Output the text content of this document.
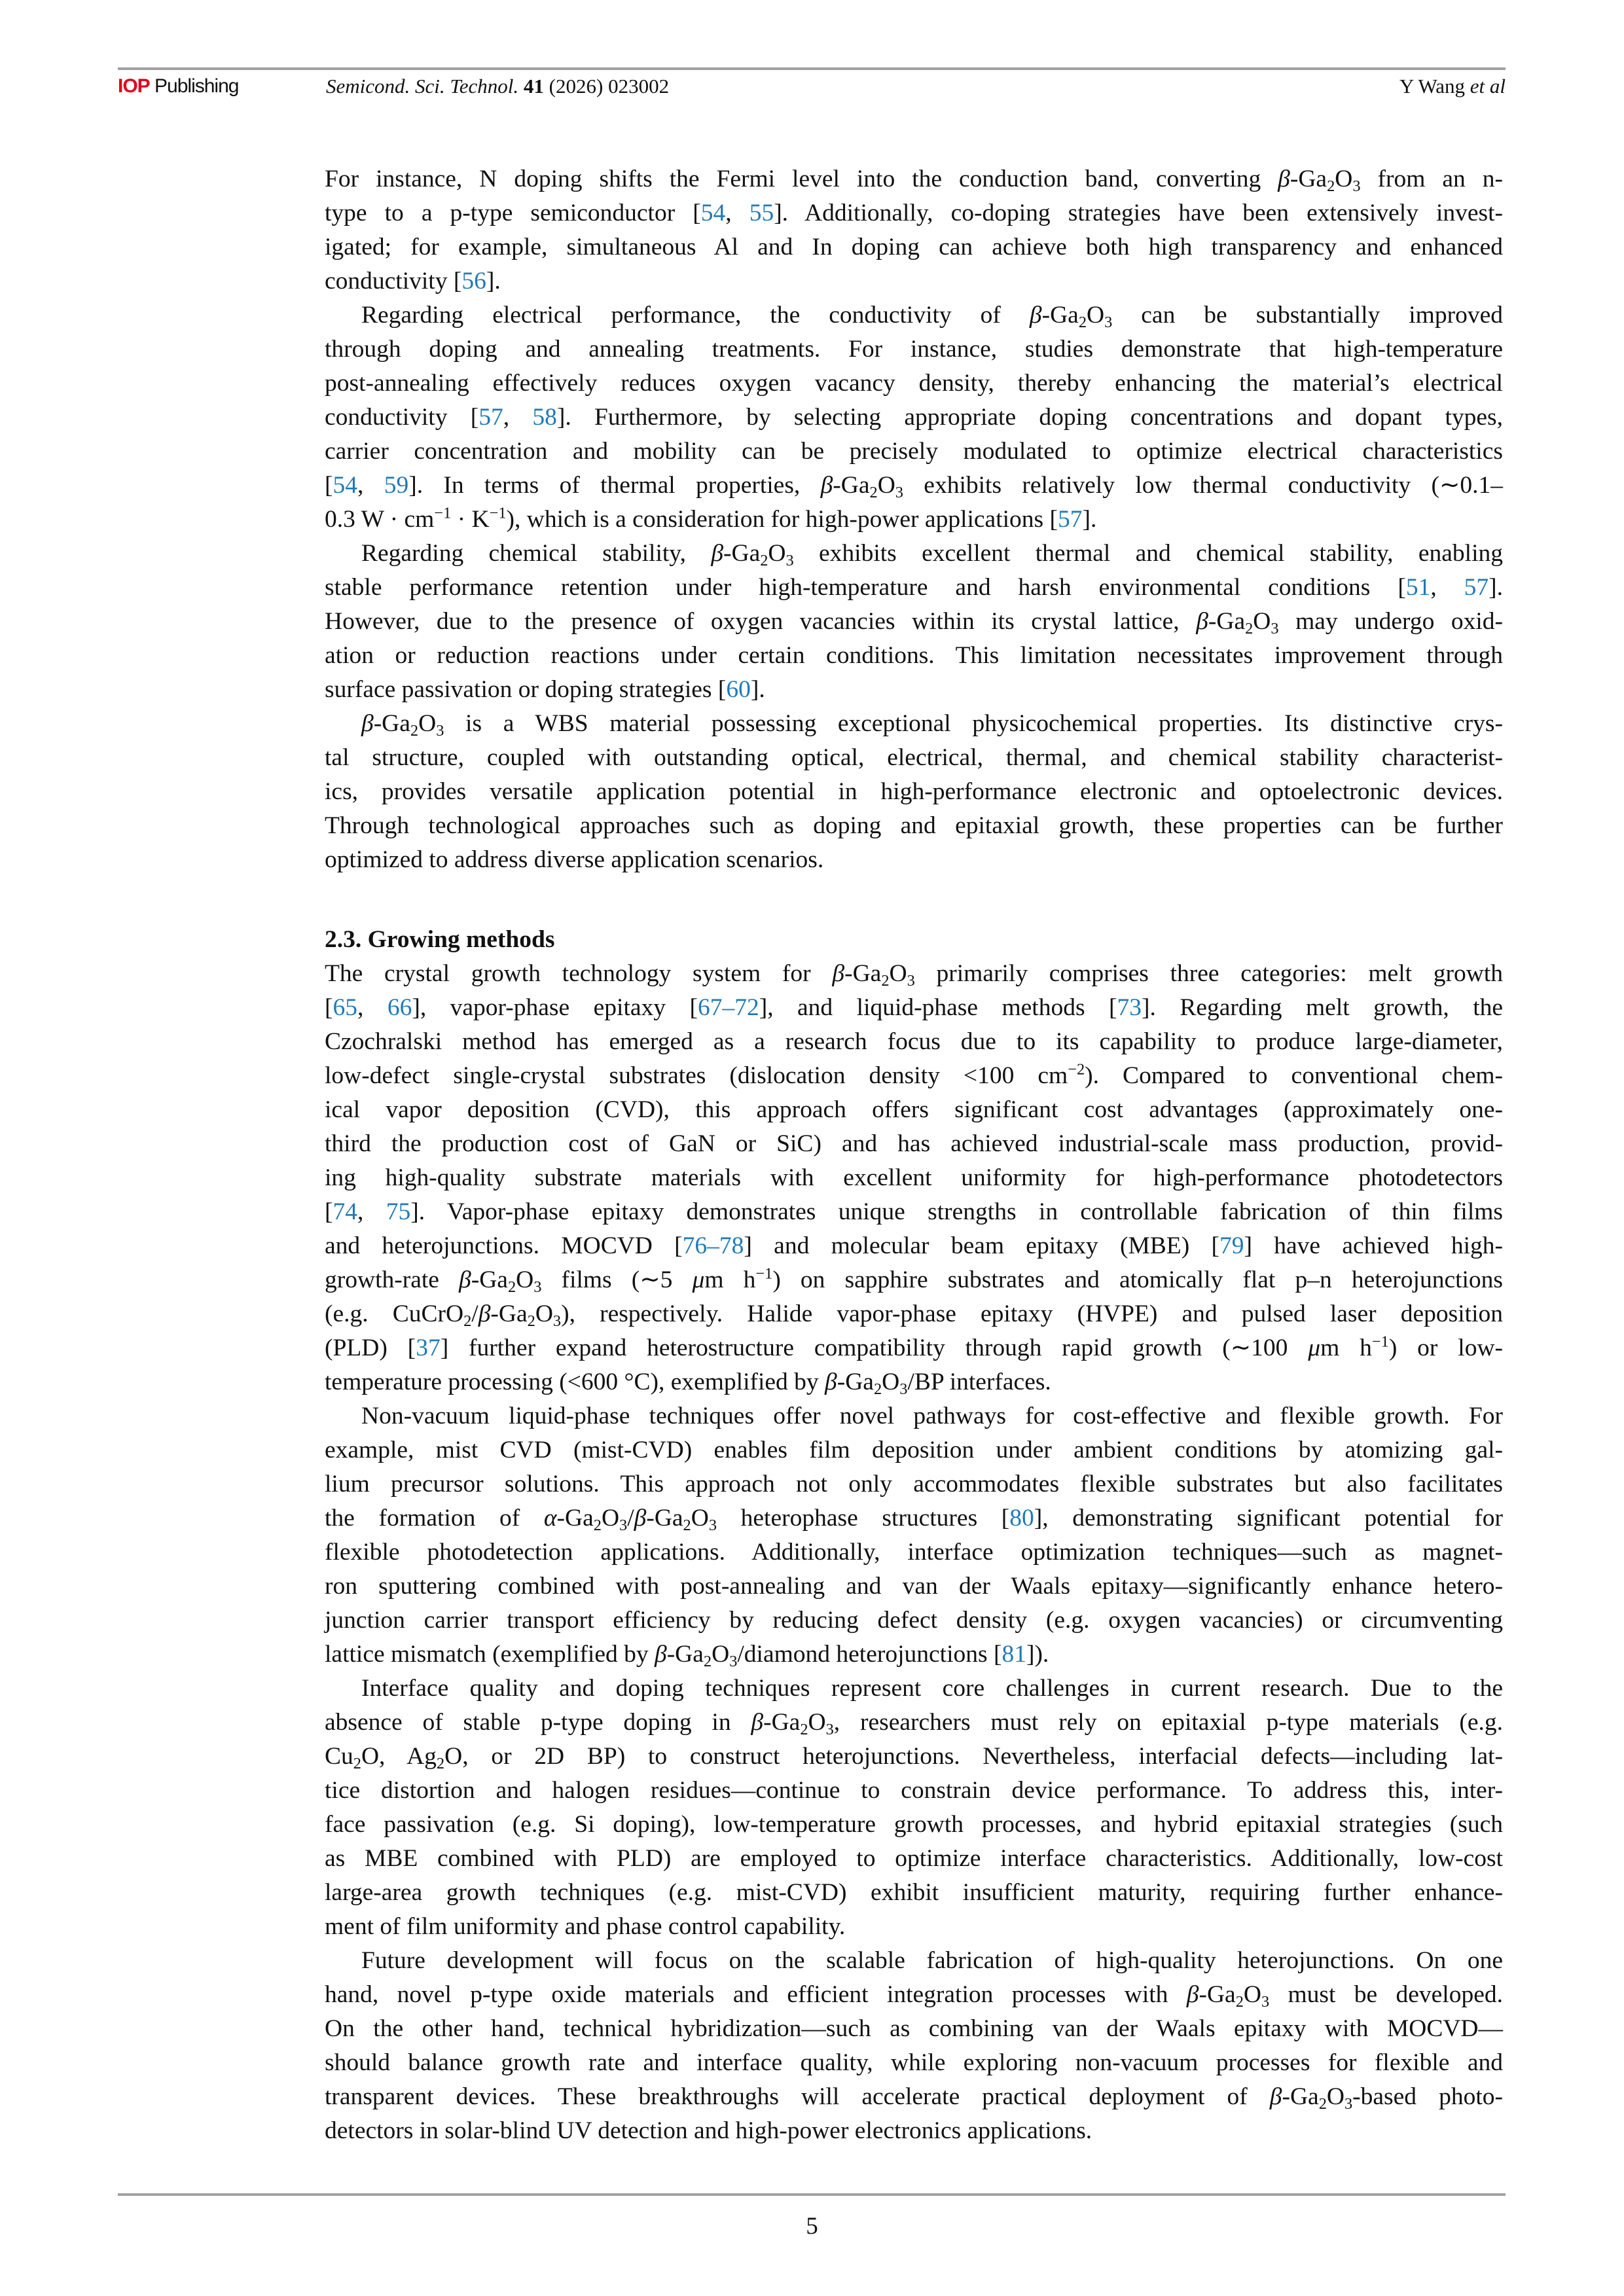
IOP Publishing	Semicond. Sci. Technol. 41 (2026) 023002	Y Wang et al

For instance, N doping shifts the Fermi level into the conduction band, converting $\beta-Ga_2O_3$ from an n-
type to a p-type semiconductor [54, 55]. Additionally, co-doping strategies have been extensively invest-
igated; for example, simultaneous Al and In doping can achieve both high transparency and enhanced
conductivity [56].

Regarding electrical performance, the conductivity of $\beta-Ga_2O_3$ can be substantially improved
through doping and annealing treatments. For instance, studies demonstrate that high-temperature
post-annealing effectively reduces oxygen vacancy density, thereby enhancing the material’s electrical
conductivity [57, 58]. Furthermore, by selecting appropriate doping concentrations and dopant types,
carrier concentration and mobility can be precisely modulated to optimize electrical characteristics
[54, 59]. In terms of thermal properties, $\beta-Ga_2O_3$ exhibits relatively low thermal conductivity (∼0.1–
0.3 $W \cdot cm^{-1} \cdot K^{-1}$), which is a consideration for high-power applications [57].

Regarding chemical stability, $\beta-Ga_2O_3$ exhibits excellent thermal and chemical stability, enabling
stable performance retention under high-temperature and harsh environmental conditions [51, 57].
However, due to the presence of oxygen vacancies within its crystal lattice, $\beta-Ga_2O_3$ may undergo oxid-
ation or reduction reactions under certain conditions. This limitation necessitates improvement through
surface passivation or doping strategies [60].

$\beta-Ga_2O_3$ is a WBS material possessing exceptional physicochemical properties. Its distinctive crys-
tal structure, coupled with outstanding optical, electrical, thermal, and chemical stability characterist-
ics, provides versatile application potential in high-performance electronic and optoelectronic devices.
Through technological approaches such as doping and epitaxial growth, these properties can be further
optimized to address diverse application scenarios.

2.3. Growing methods

The crystal growth technology system for $\beta-Ga_2O_3$ primarily comprises three categories: melt growth
[65, 66], vapor-phase epitaxy [67–72], and liquid-phase methods [73]. Regarding melt growth, the
Czochralski method has emerged as a research focus due to its capability to produce large-diameter,
low-defect single-crystal substrates (dislocation density <100 $cm^{-2}$). Compared to conventional chem-
ical vapor deposition (CVD), this approach offers significant cost advantages (approximately one-
third the production cost of GaN or SiC) and has achieved industrial-scale mass production, provid-
ing high-quality substrate materials with excellent uniformity for high-performance photodetectors
[74, 75]. Vapor-phase epitaxy demonstrates unique strengths in controllable fabrication of thin films
and heterojunctions. MOCVD [76–78] and molecular beam epitaxy (MBE) [79] have achieved high-
growth-rate $\beta-Ga_2O_3$ films (∼5 μm $h^{-1}$) on sapphire substrates and atomically flat p–n heterojunctions
(e.g. $CuCrO_2/\beta-Ga_2O_3$), respectively. Halide vapor-phase epitaxy (HVPE) and pulsed laser deposition
(PLD) [37] further expand heterostructure compatibility through rapid growth (∼100 μm $h^{-1}$) or low-
temperature processing (<600 °C), exemplified by $\beta-Ga_2O_3/BP$ interfaces.

Non-vacuum liquid-phase techniques offer novel pathways for cost-effective and flexible growth. For
example, mist CVD (mist-CVD) enables film deposition under ambient conditions by atomizing gal-
lium precursor solutions. This approach not only accommodates flexible substrates but also facilitates
the formation of $\alpha-Ga_2O_3/\beta-Ga_2O_3$ heterophase structures [80], demonstrating significant potential for
flexible photodetection applications. Additionally, interface optimization techniques—such as magnet-
ron sputtering combined with post-annealing and van der Waals epitaxy—significantly enhance hetero-
junction carrier transport efficiency by reducing defect density (e.g. oxygen vacancies) or circumventing
lattice mismatch (exemplified by $\beta-Ga_2O_3$/diamond heterojunctions [81]).

Interface quality and doping techniques represent core challenges in current research. Due to the
absence of stable p-type doping in $\beta-Ga_2O_3$, researchers must rely on epitaxial p-type materials (e.g.
$Cu_2O$, $Ag_2O$, or 2D BP) to construct heterojunctions. Nevertheless, interfacial defects—including lat-
tice distortion and halogen residues—continue to constrain device performance. To address this, inter-
face passivation (e.g. Si doping), low-temperature growth processes, and hybrid epitaxial strategies (such
as MBE combined with PLD) are employed to optimize interface characteristics. Additionally, low-cost
large-area growth techniques (e.g. mist-CVD) exhibit insufficient maturity, requiring further enhance-
ment of film uniformity and phase control capability.

Future development will focus on the scalable fabrication of high-quality heterojunctions. On one
hand, novel p-type oxide materials and efficient integration processes with $\beta-Ga_2O_3$ must be developed.
On the other hand, technical hybridization—such as combining van der Waals epitaxy with MOCVD—
should balance growth rate and interface quality, while exploring non-vacuum processes for flexible and
transparent devices. These breakthroughs will accelerate practical deployment of $\beta-Ga_2O_3$-based photo-
detectors in solar-blind UV detection and high-power electronics applications.

5
